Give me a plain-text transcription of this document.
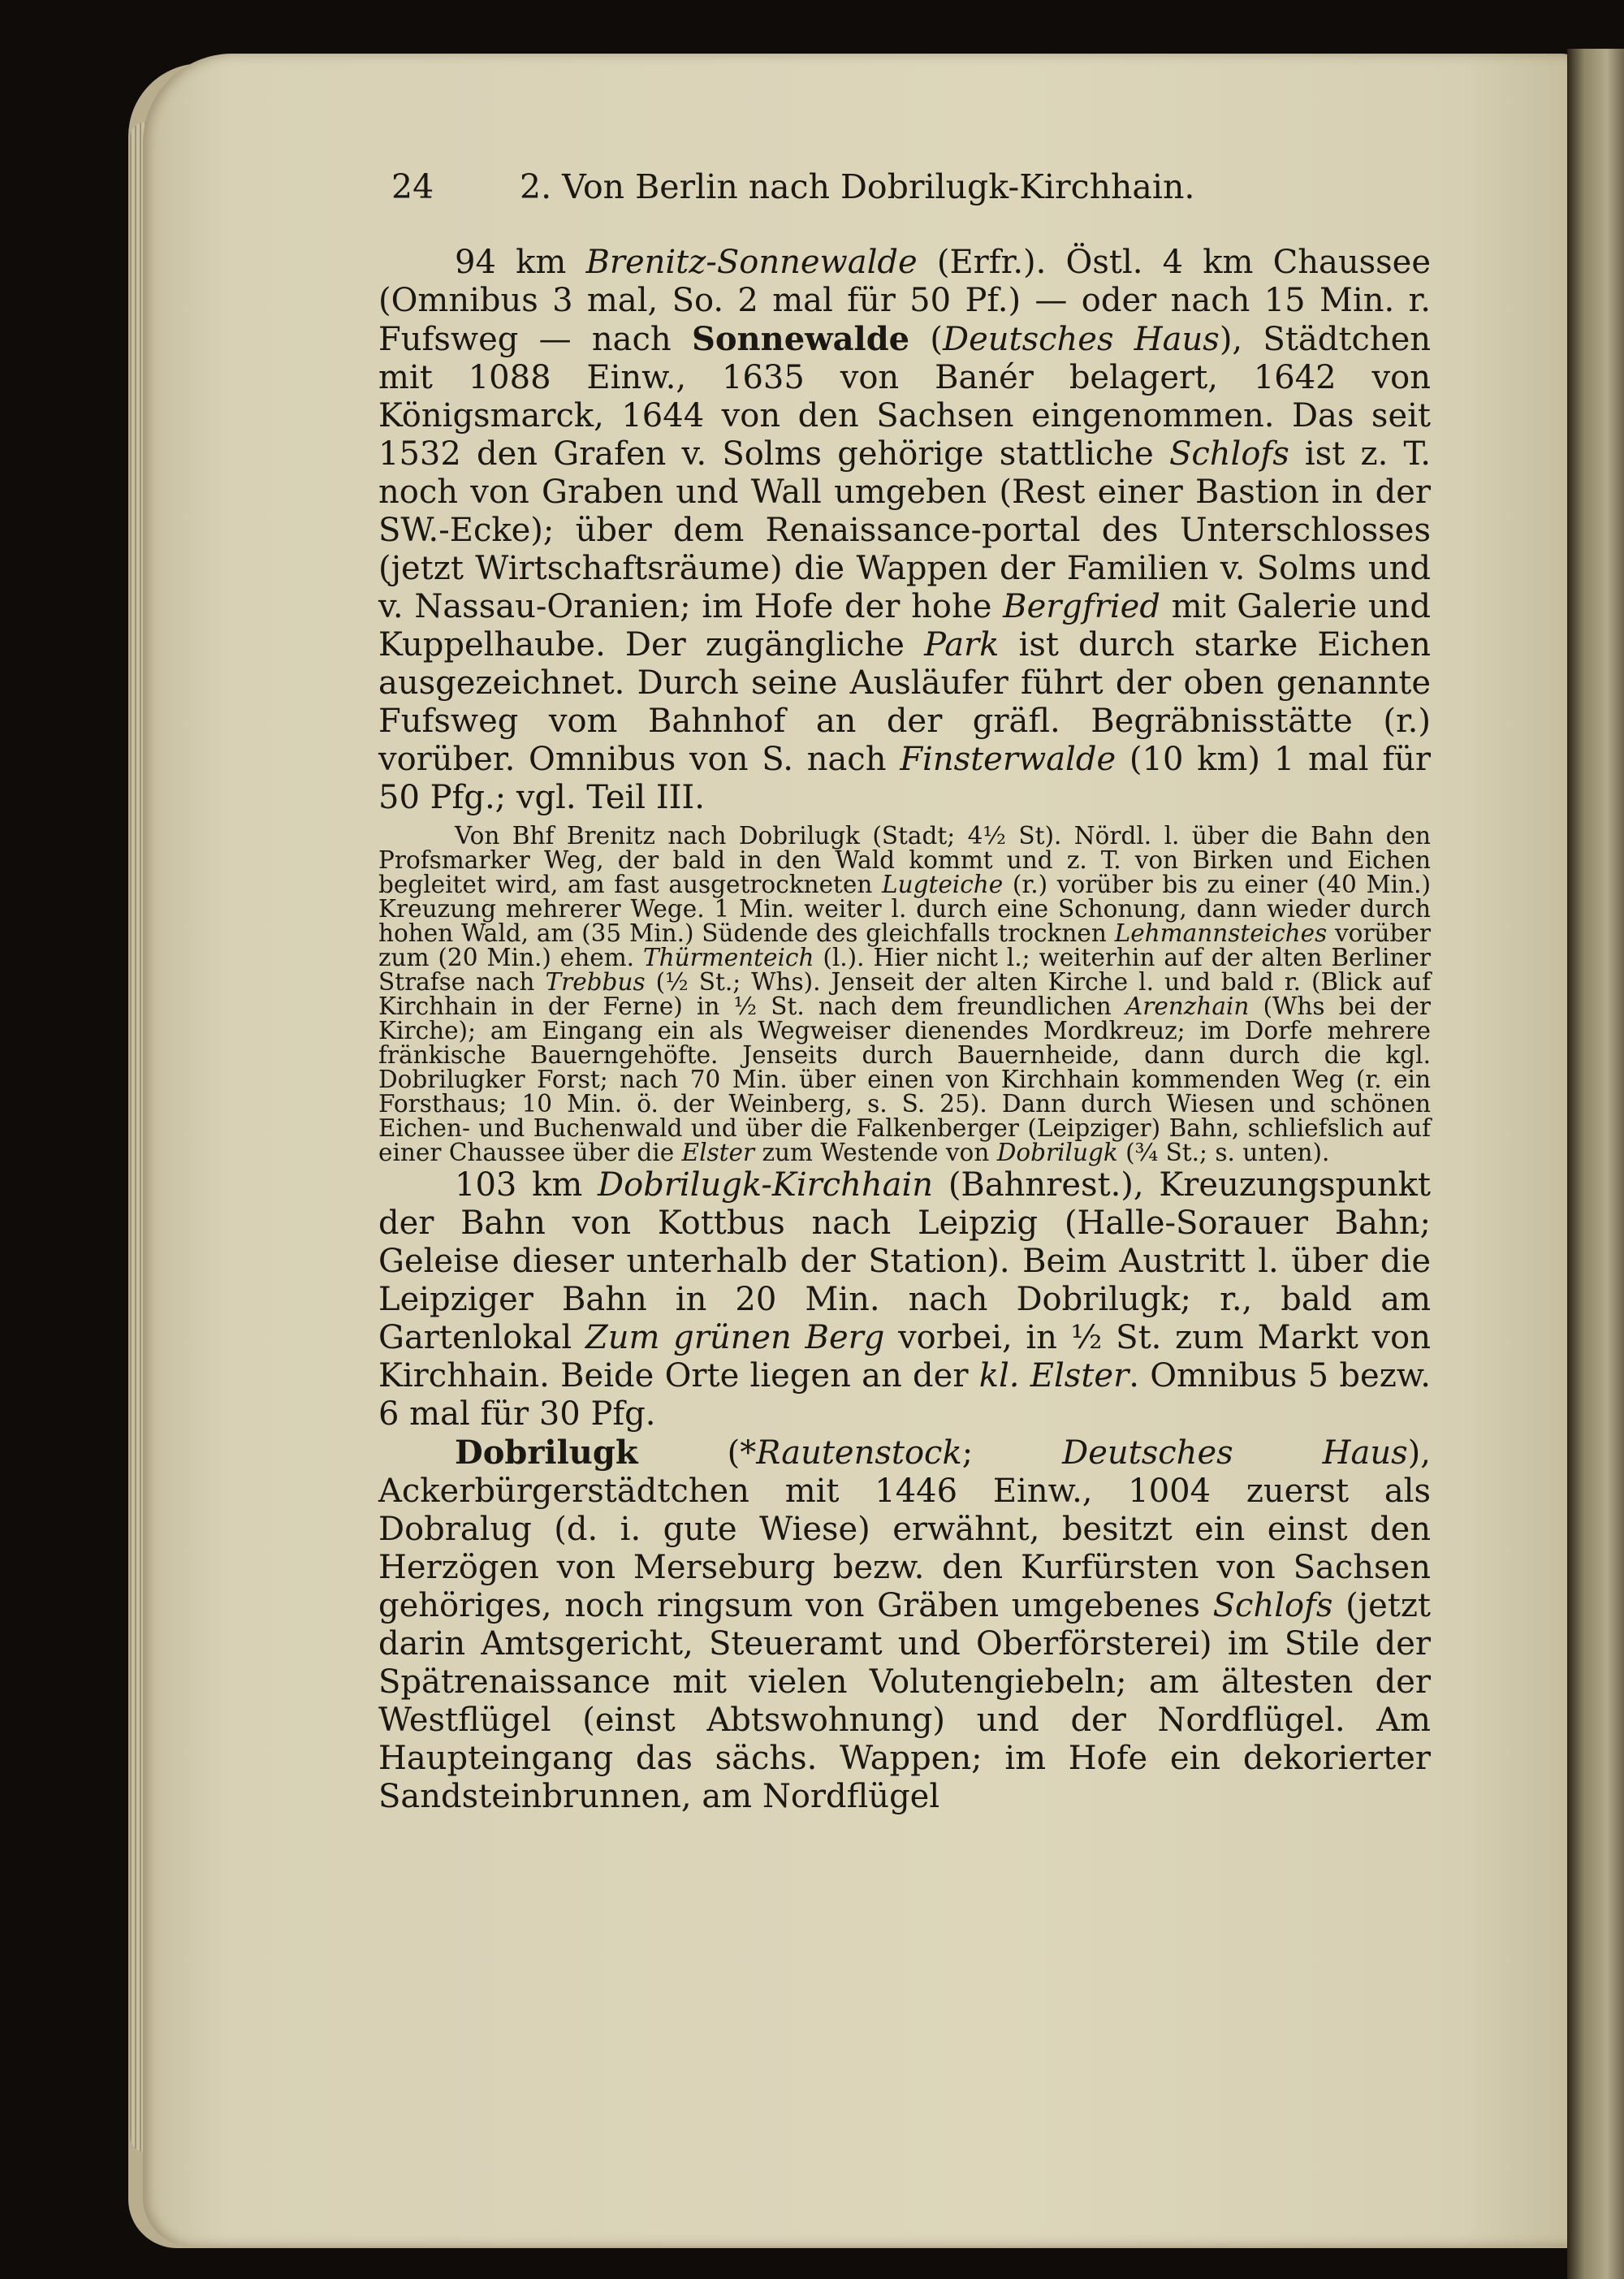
24	2. Von Berlin nach Dobrilugk-Kirchhain.

94 km Brenitz-Sonnewalde (Erfr.). Östl. 4 km Chaussee (Omnibus 3 mal, So. 2 mal für 50 Pf.) — oder nach 15 Min. r. Fufsweg — nach Sonnewalde (Deutsches Haus), Städtchen mit 1088 Einw., 1635 von Banér belagert, 1642 von Königsmarck, 1644 von den Sachsen eingenommen. Das seit 1532 den Grafen v. Solms gehörige stattliche Schlofs ist z. T. noch von Graben und Wall umgeben (Rest einer Bastion in der SW.-Ecke); über dem Renaissance-portal des Unterschlosses (jetzt Wirtschaftsräume) die Wappen der Familien v. Solms und v. Nassau-Oranien; im Hofe der hohe Bergfried mit Galerie und Kuppelhaube. Der zugängliche Park ist durch starke Eichen ausgezeichnet. Durch seine Ausläufer führt der oben genannte Fufsweg vom Bahnhof an der gräfl. Begräbnisstätte (r.) vorüber. Omnibus von S. nach Finsterwalde (10 km) 1 mal für 50 Pfg.; vgl. Teil III.

Von Bhf Brenitz nach Dobrilugk (Stadt; 4½ St). Nördl. l. über die Bahn den Profsmarker Weg, der bald in den Wald kommt und z. T. von Birken und Eichen begleitet wird, am fast ausgetrockneten Lugteiche (r.) vorüber bis zu einer (40 Min.) Kreuzung mehrerer Wege. 1 Min. weiter l. durch eine Schonung, dann wieder durch hohen Wald, am (35 Min.) Südende des gleichfalls trocknen Lehmannsteiches vorüber zum (20 Min.) ehem. Thürmenteich (l.). Hier nicht l.; weiterhin auf der alten Berliner Strafse nach Trebbus (½ St.; Whs). Jenseit der alten Kirche l. und bald r. (Blick auf Kirchhain in der Ferne) in ½ St. nach dem freundlichen Arenzhain (Whs bei der Kirche); am Eingang ein als Wegweiser dienendes Mordkreuz; im Dorfe mehrere fränkische Bauerngehöfte. Jenseits durch Bauernheide, dann durch die kgl. Dobrilugker Forst; nach 70 Min. über einen von Kirchhain kommenden Weg (r. ein Forsthaus; 10 Min. ö. der Weinberg, s. S. 25). Dann durch Wiesen und schönen Eichen- und Buchenwald und über die Falkenberger (Leipziger) Bahn, schliefslich auf einer Chaussee über die Elster zum Westende von Dobrilugk (¾ St.; s. unten).

103 km Dobrilugk-Kirchhain (Bahnrest.), Kreuzungspunkt der Bahn von Kottbus nach Leipzig (Halle-Sorauer Bahn; Geleise dieser unterhalb der Station). Beim Austritt l. über die Leipziger Bahn in 20 Min. nach Dobrilugk; r., bald am Gartenlokal Zum grünen Berg vorbei, in ½ St. zum Markt von Kirchhain. Beide Orte liegen an der kl. Elster. Omnibus 5 bezw. 6 mal für 30 Pfg.

Dobrilugk (*Rautenstock; Deutsches Haus), Ackerbürgerstädtchen mit 1446 Einw., 1004 zuerst als Dobralug (d. i. gute Wiese) erwähnt, besitzt ein einst den Herzögen von Merseburg bezw. den Kurfürsten von Sachsen gehöriges, noch ringsum von Gräben umgebenes Schlofs (jetzt darin Amtsgericht, Steueramt und Oberförsterei) im Stile der Spätrenaissance mit vielen Volutengiebeln; am ältesten der Westflügel (einst Abtswohnung) und der Nordflügel. Am Haupteingang das sächs. Wappen; im Hofe ein dekorierter Sandsteinbrunnen, am Nordflügel
